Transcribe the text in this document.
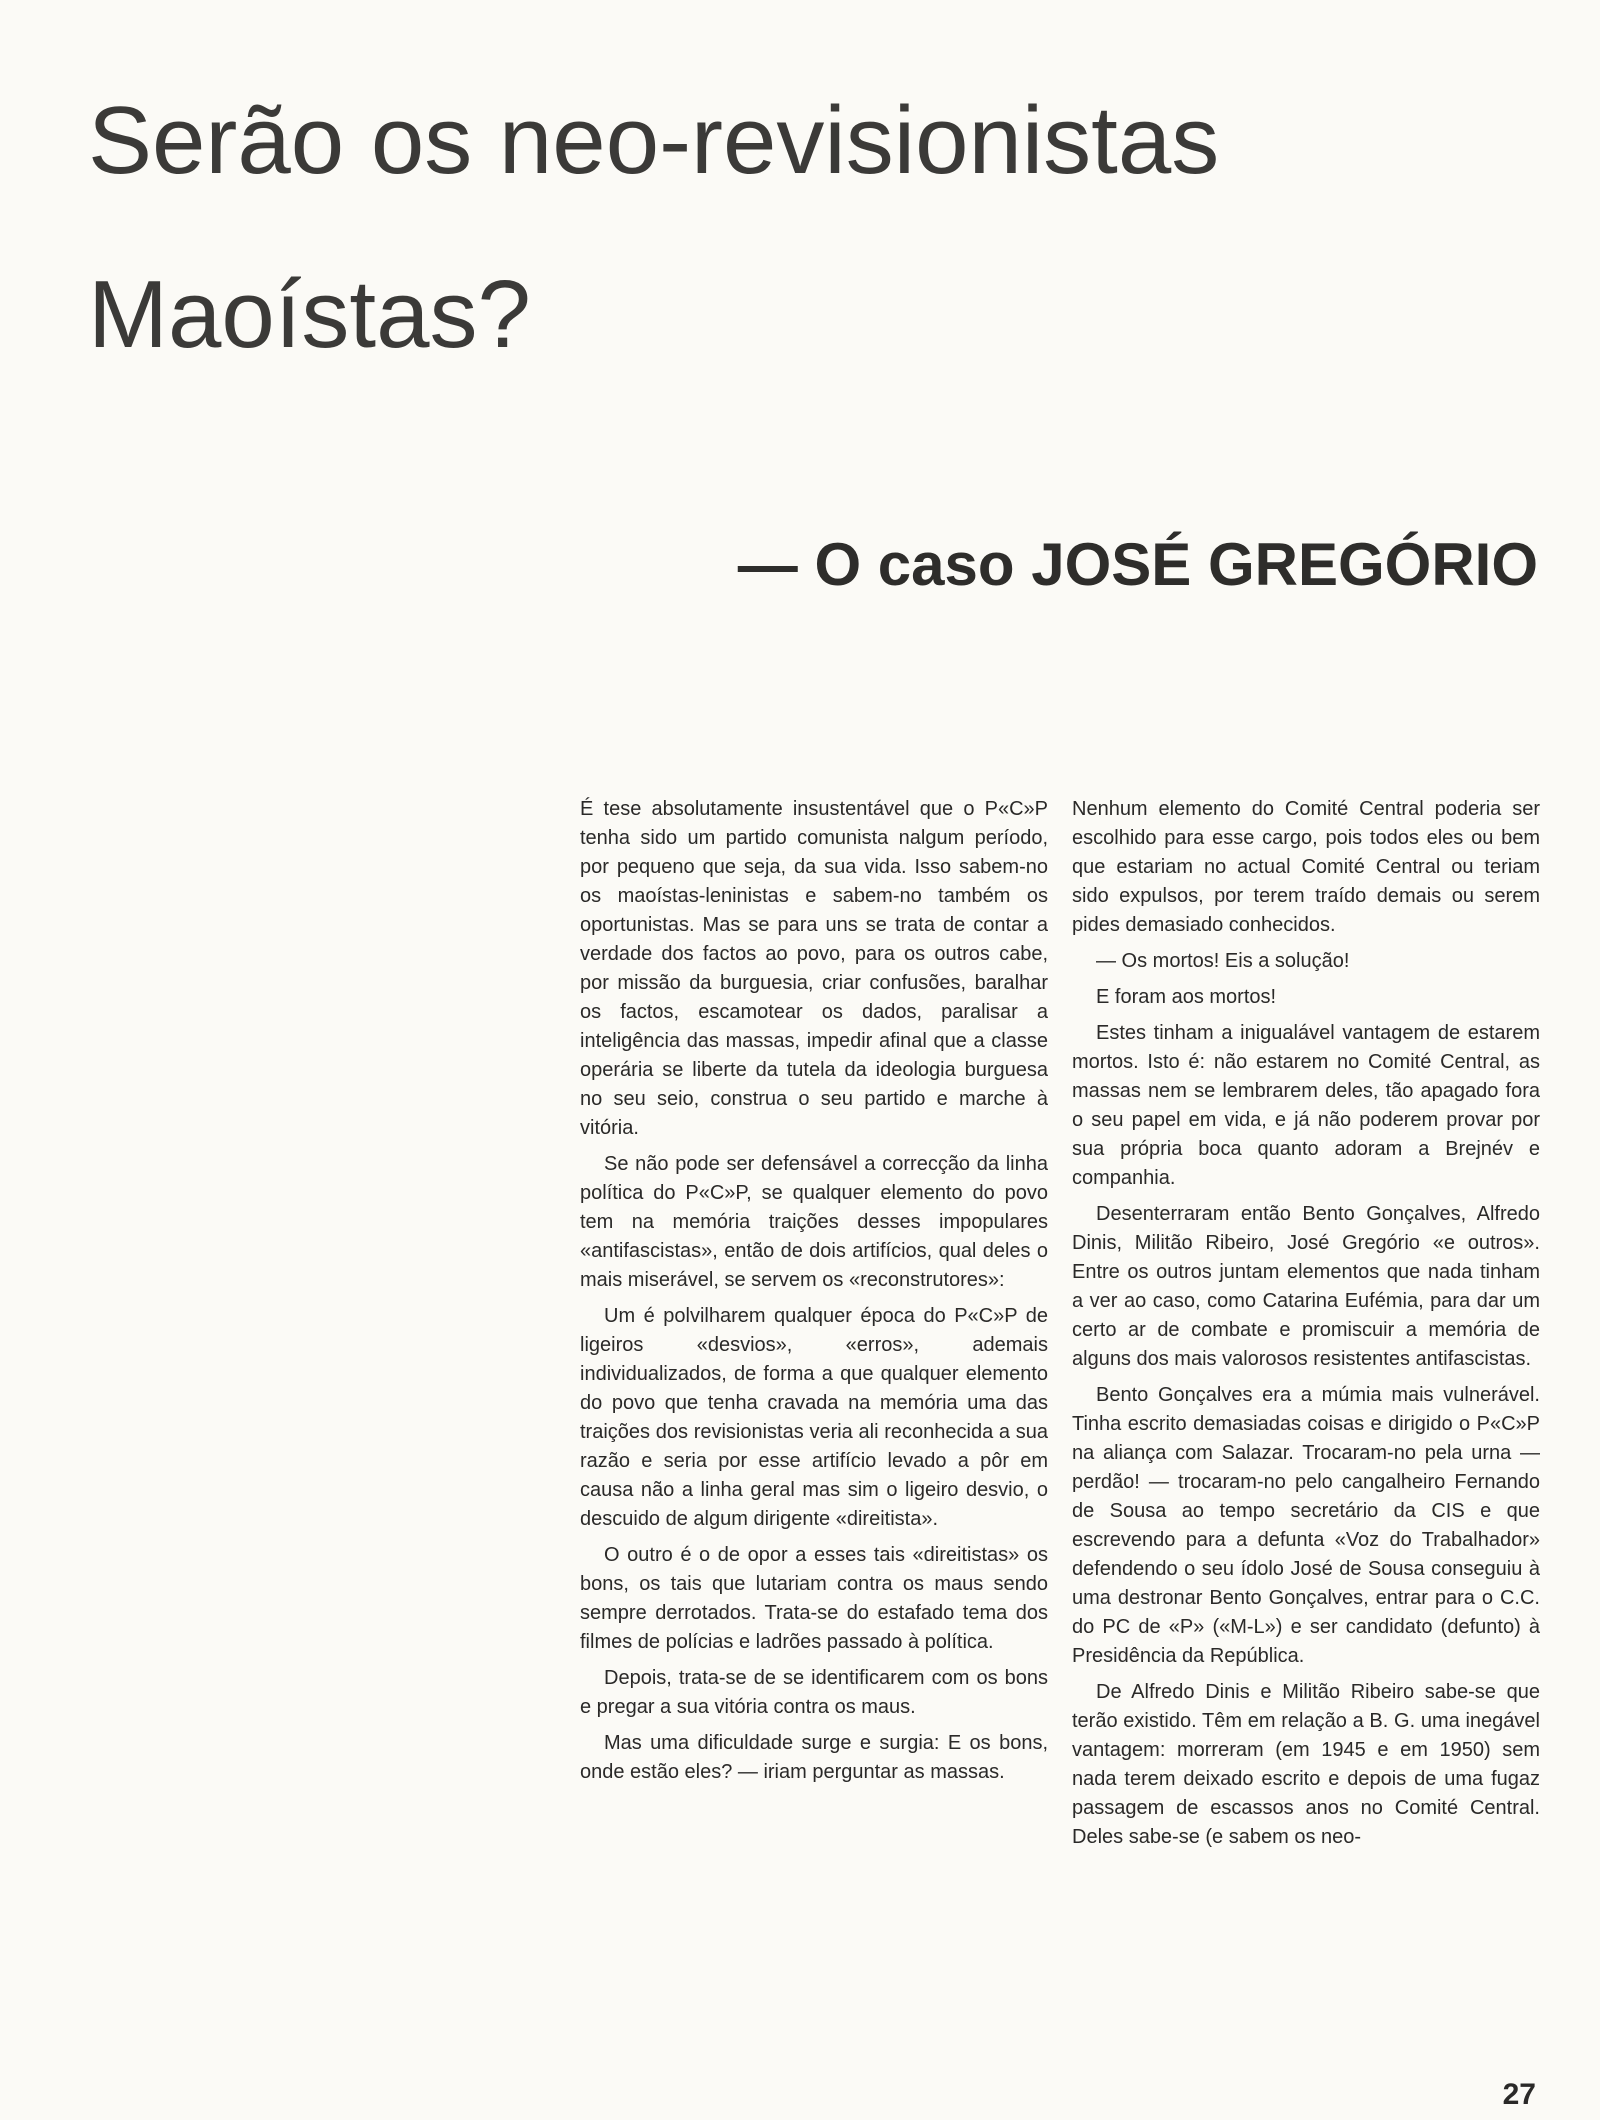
Serão os neo-revisionistas
Maoístas?
— O caso JOSÉ GREGÓRIO

É tese absolutamente insustentável que o P«C»P tenha sido um partido comunista nalgum período, por pequeno que seja, da sua vida. Isso sabem-no os maoístas-leninistas e sabem-no também os oportunistas. Mas se para uns se trata de contar a verdade dos factos ao povo, para os outros cabe, por missão da burguesia, criar confusões, baralhar os factos, escamotear os dados, paralisar a inteligência das massas, impedir afinal que a classe operária se liberte da tutela da ideologia burguesa no seu seio, construa o seu partido e marche à vitória.

Se não pode ser defensável a correcção da linha política do P«C»P, se qualquer elemento do povo tem na memória traições desses impopulares «antifascistas», então de dois artifícios, qual deles o mais miserável, se servem os «reconstrutores»:

Um é polvilharem qualquer época do P«C»P de ligeiros «desvios», «erros», ademais individualizados, de forma a que qualquer elemento do povo que tenha cravada na memória uma das traições dos revisionistas veria ali reconhecida a sua razão e seria por esse artifício levado a pôr em causa não a linha geral mas sim o ligeiro desvio, o descuido de algum dirigente «direitista».

O outro é o de opor a esses tais «direitistas» os bons, os tais que lutariam contra os maus sendo sempre derrotados. Trata-se do estafado tema dos filmes de polícias e ladrões passado à política.

Depois, trata-se de se identificarem com os bons e pregar a sua vitória contra os maus.

Mas uma dificuldade surge e surgia: E os bons, onde estão eles? — iriam perguntar as massas.

Nenhum elemento do Comité Central poderia ser escolhido para esse cargo, pois todos eles ou bem que estariam no actual Comité Central ou teriam sido expulsos, por terem traído demais ou serem pides demasiado conhecidos.

— Os mortos! Eis a solução!

E foram aos mortos!

Estes tinham a inigualável vantagem de estarem mortos. Isto é: não estarem no Comité Central, as massas nem se lembrarem deles, tão apagado fora o seu papel em vida, e já não poderem provar por sua própria boca quanto adoram a Brejnév e companhia.

Desenterraram então Bento Gonçalves, Alfredo Dinis, Militão Ribeiro, José Gregório «e outros». Entre os outros juntam elementos que nada tinham a ver ao caso, como Catarina Eufémia, para dar um certo ar de combate e promiscuir a memória de alguns dos mais valorosos resistentes antifascistas.

Bento Gonçalves era a múmia mais vulnerável. Tinha escrito demasiadas coisas e dirigido o P«C»P na aliança com Salazar. Trocaram-no pela urna — perdão! — trocaram-no pelo cangalheiro Fernando de Sousa ao tempo secretário da CIS e que escrevendo para a defunta «Voz do Trabalhador» defendendo o seu ídolo José de Sousa conseguiu à uma destronar Bento Gonçalves, entrar para o C.C. do PC de «P» («M-L») e ser candidato (defunto) à Presidência da República.

De Alfredo Dinis e Militão Ribeiro sabe-se que terão existido. Têm em relação a B. G. uma inegável vantagem: morreram (em 1945 e em 1950) sem nada terem deixado escrito e depois de uma fugaz passagem de escassos anos no Comité Central. Deles sabe-se (e sabem os neo-

27
